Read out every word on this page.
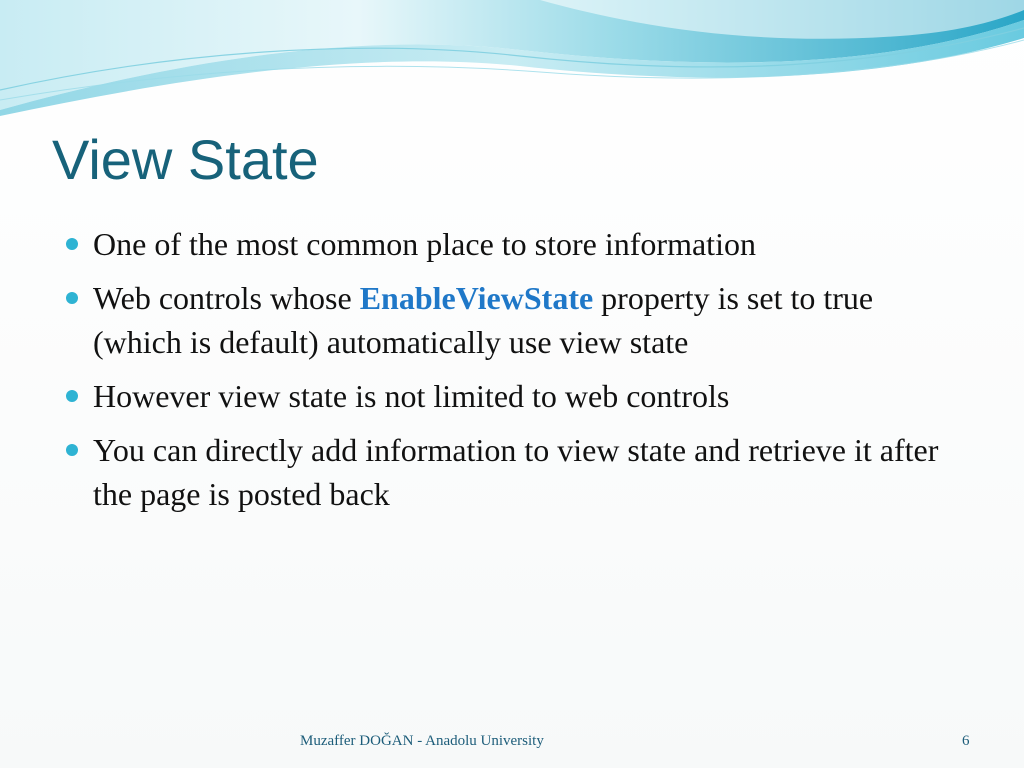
View State
One of the most common place to store information
Web controls whose EnableViewState property is set to true (which is default) automatically use view state
However view state is not limited to web controls
You can directly add information to view state and retrieve it after the page is posted back
Muzaffer DOĞAN - Anadolu University	6
